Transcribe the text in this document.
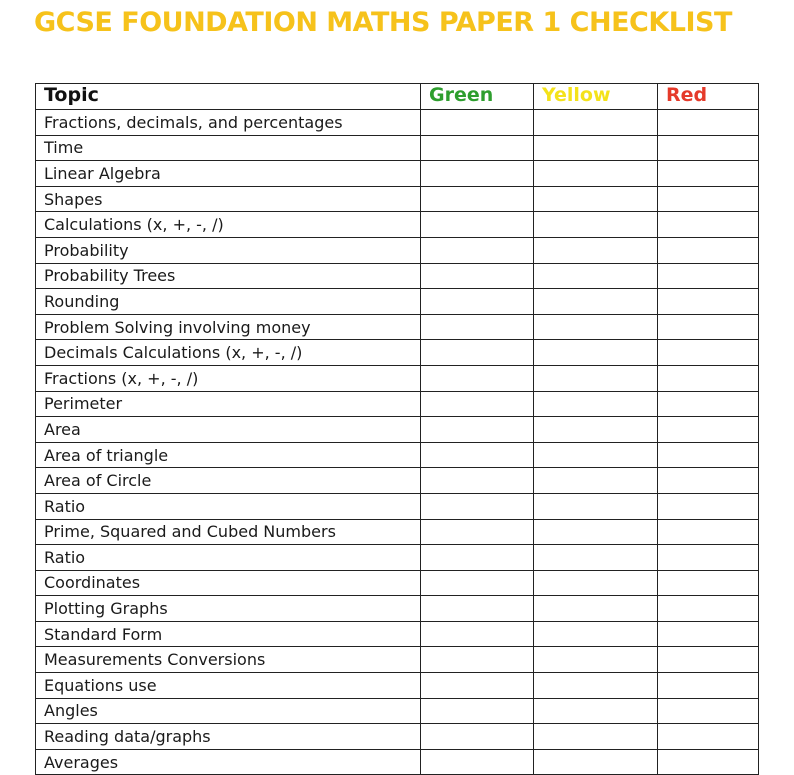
GCSE FOUNDATION MATHS PAPER 1 CHECKLIST
Topic	Green	Yellow	Red
Fractions, decimals, and percentages			
Time			
Linear Algebra			
Shapes			
Calculations (x, +, -, /)			
Probability			
Probability Trees			
Rounding			
Problem Solving involving money			
Decimals Calculations (x, +, -, /)			
Fractions (x, +, -, /)			
Perimeter			
Area			
Area of triangle			
Area of Circle			
Ratio			
Prime, Squared and Cubed Numbers			
Ratio			
Coordinates			
Plotting Graphs			
Standard Form			
Measurements Conversions			
Equations use			
Angles			
Reading data/graphs			
Averages			
